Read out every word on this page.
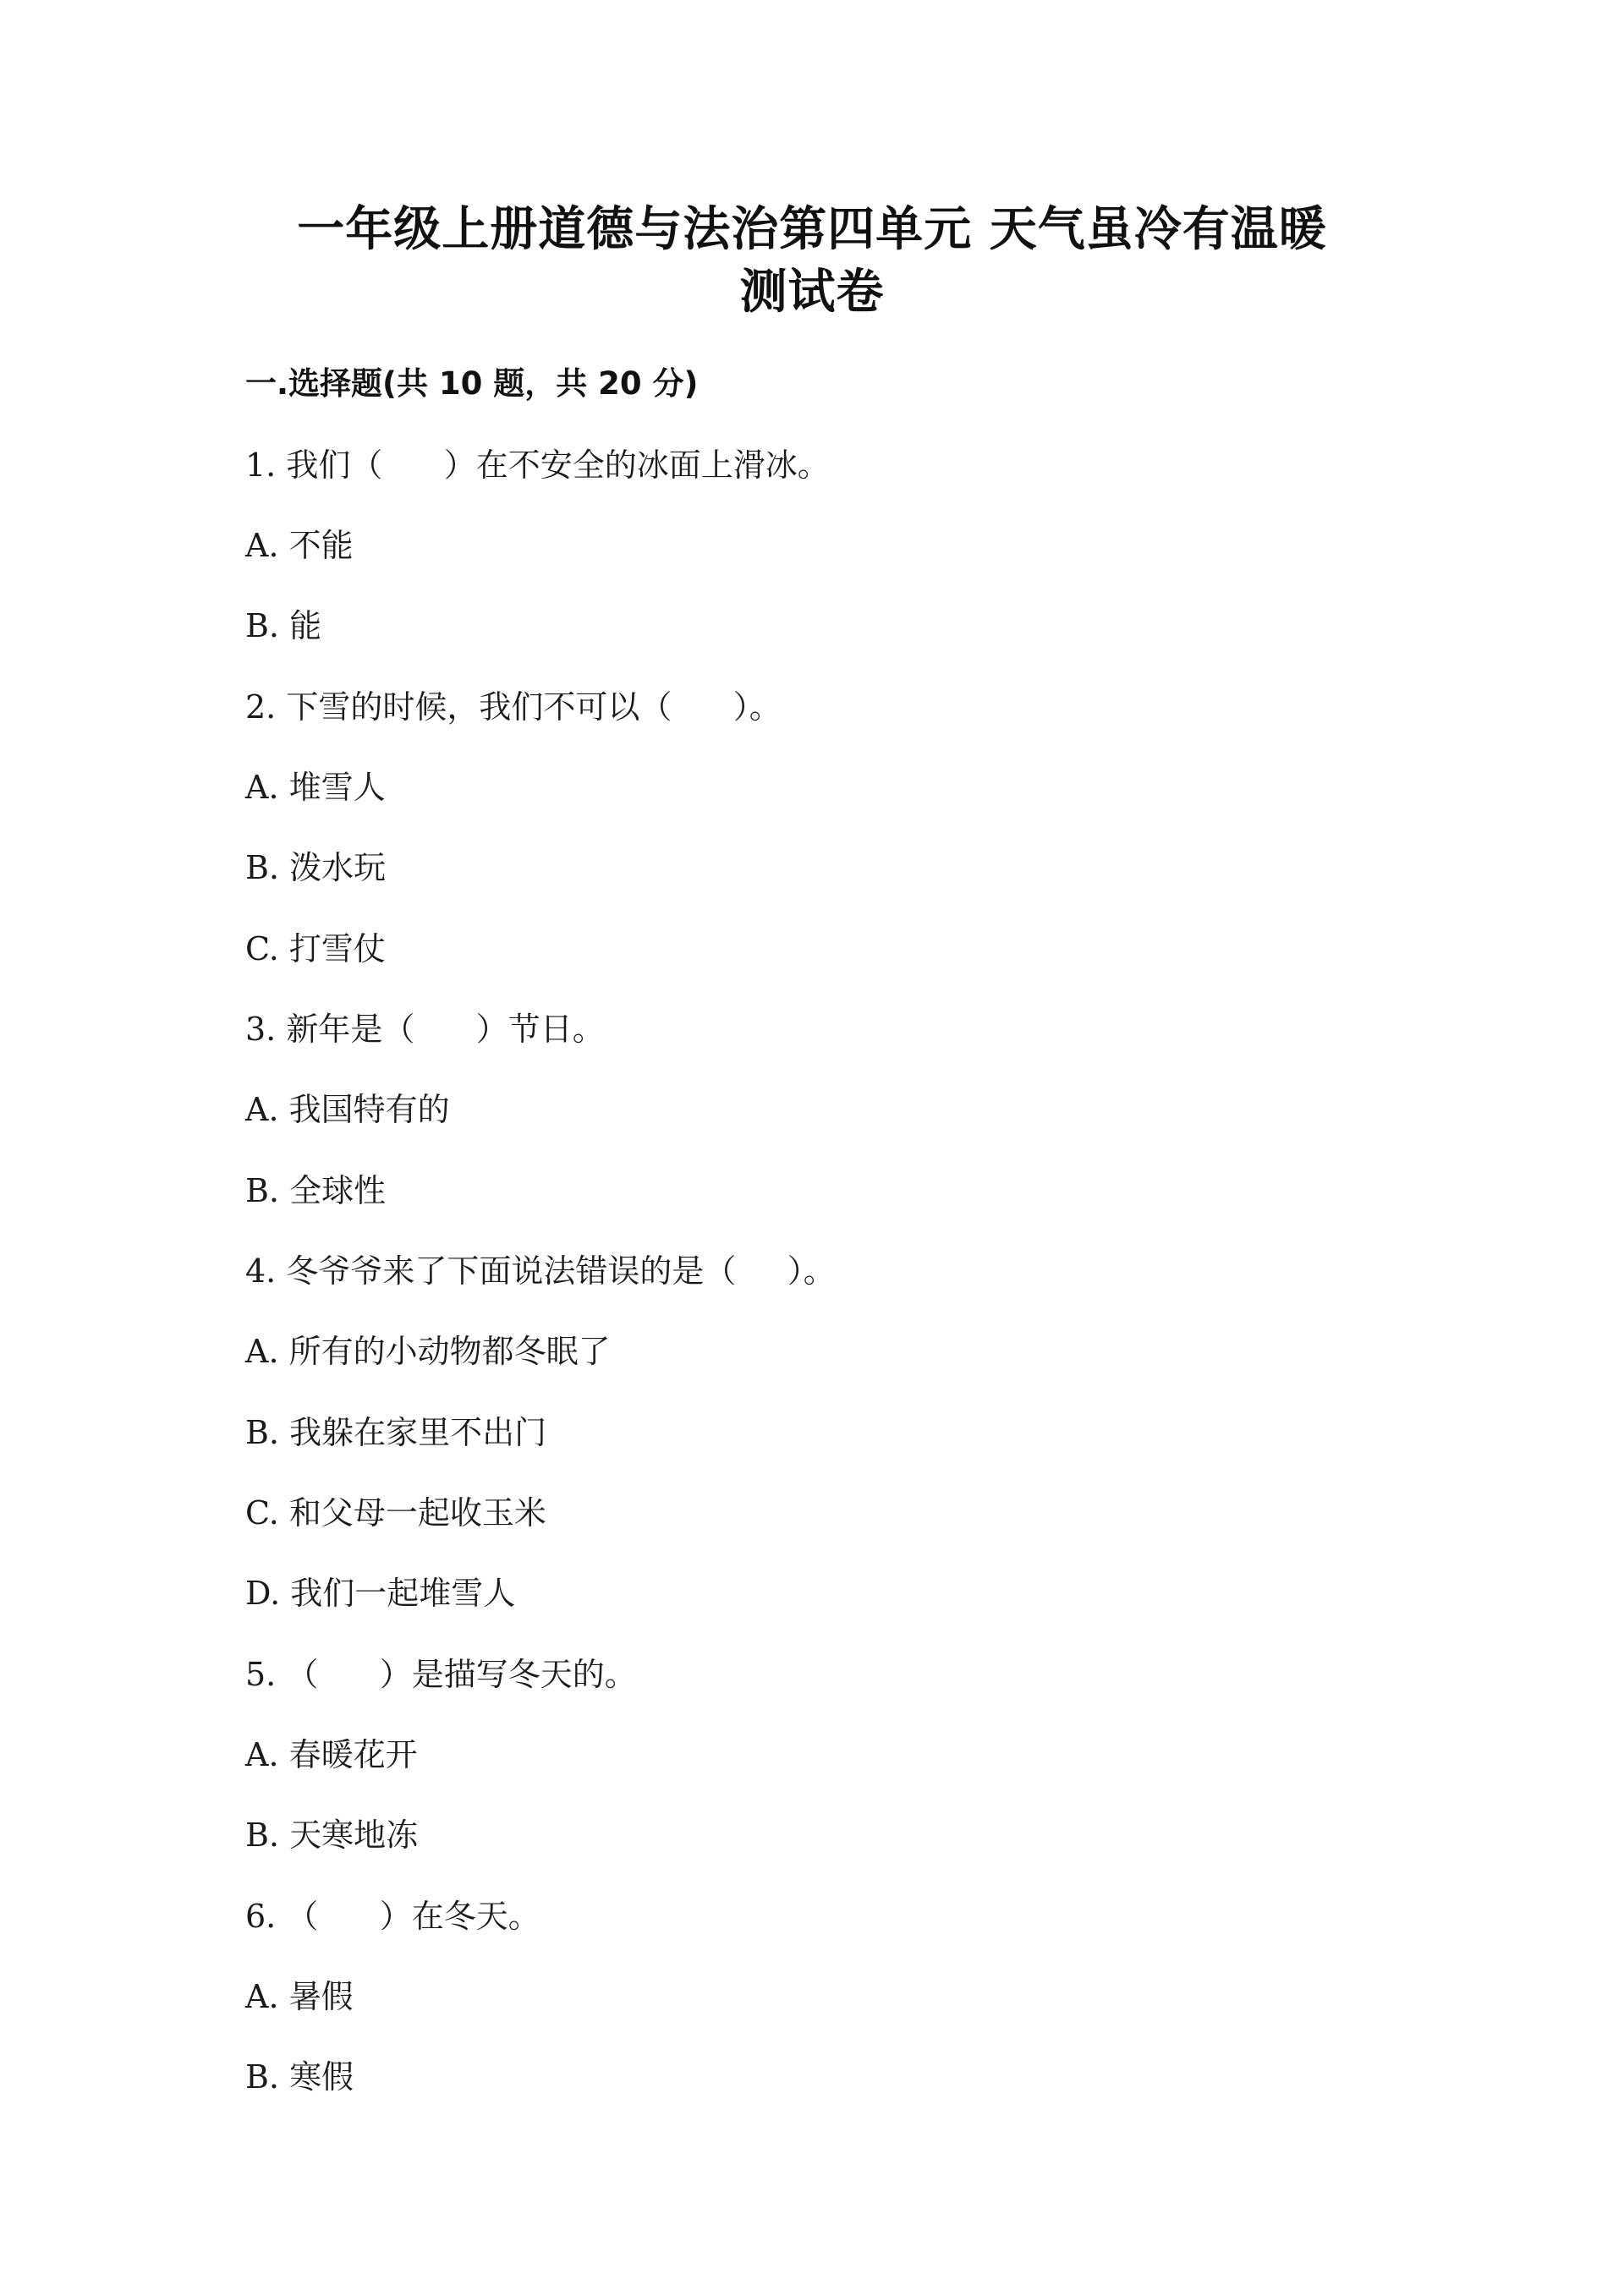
一年级上册道德与法治第四单元 天气虽冷有温暖
测试卷
一.选择题(共 10 题，共 20 分)

1. 我们（      ）在不安全的冰面上滑冰。

A. 不能

B. 能

2. 下雪的时候，我们不可以（      ）。

A. 堆雪人

B. 泼水玩

C. 打雪仗

3. 新年是（      ）节日。

A. 我国特有的

B. 全球性

4. 冬爷爷来了下面说法错误的是（     ）。

A. 所有的小动物都冬眠了

B. 我躲在家里不出门

C. 和父母一起收玉米

D. 我们一起堆雪人

5. （      ）是描写冬天的。

A. 春暖花开

B. 天寒地冻

6. （      ）在冬天。

A. 暑假

B. 寒假
